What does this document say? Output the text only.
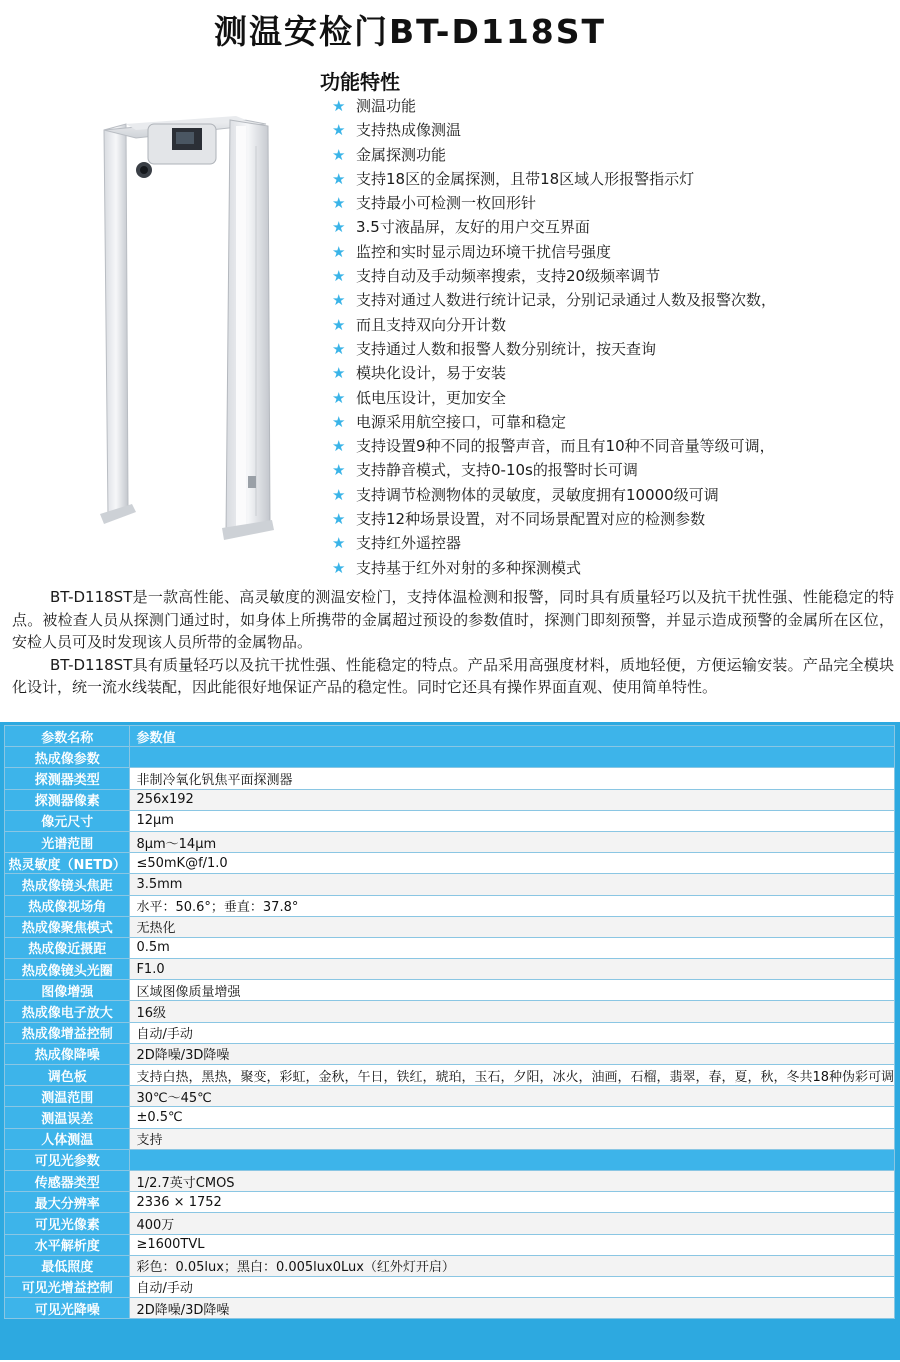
测温安检门BT-D118ST
功能特性
★ 测温功能
★ 支持热成像测温
★ 金属探测功能
★ 支持18区的金属探测，且带18区域人形报警指示灯
★ 支持最小可检测一枚回形针
★ 3.5寸液晶屏，友好的用户交互界面
★ 监控和实时显示周边环境干扰信号强度
★ 支持自动及手动频率搜索，支持20级频率调节
★ 支持对通过人数进行统计记录，分别记录通过人数及报警次数，
★ 而且支持双向分开计数
★ 支持通过人数和报警人数分别统计，按天查询
★ 模块化设计，易于安装
★ 低电压设计，更加安全
★ 电源采用航空接口，可靠和稳定
★ 支持设置9种不同的报警声音，而且有10种不同音量等级可调，
★ 支持静音模式，支持0-10s的报警时长可调
★ 支持调节检测物体的灵敏度，灵敏度拥有10000级可调
★ 支持12种场景设置，对不同场景配置对应的检测参数
★ 支持红外遥控器
★ 支持基于红外对射的多种探测模式

BT-D118ST是一款高性能、高灵敏度的测温安检门，支持体温检测和报警，同时具有质量轻巧以及抗干扰性强、性能稳定的特点。被检查人员从探测门通过时，如身体上所携带的金属超过预设的参数值时，探测门即刻预警，并显示造成预警的金属所在区位，安检人员可及时发现该人员所带的金属物品。

BT-D118ST具有质量轻巧以及抗干扰性强、性能稳定的特点。产品采用高强度材料，质地轻便，方便运输安装。产品完全模块化设计，统一流水线装配，因此能很好地保证产品的稳定性。同时它还具有操作界面直观、使用简单特性。

参数名称	参数值
热成像参数	
探测器类型	非制冷氧化钒焦平面探测器
探测器像素	256x192
像元尺寸	12μm
光谱范围	8μm～14μm
热灵敏度（NETD）	≤50mK@f/1.0
热成像镜头焦距	3.5mm
热成像视场角	水平：50.6°；垂直：37.8°
热成像聚焦模式	无热化
热成像近摄距	0.5m
热成像镜头光圈	F1.0
图像增强	区域图像质量增强
热成像电子放大	16级
热成像增益控制	自动/手动
热成像降噪	2D降噪/3D降噪
调色板	支持白热，黑热，聚变，彩虹，金秋，午日，铁红，琥珀，玉石，夕阳，冰火，油画，石榴，翡翠，春，夏，秋，冬共18种伪彩可调
测温范围	30℃～45℃
测温误差	±0.5℃
人体测温	支持
可见光参数	
传感器类型	1/2.7英寸CMOS
最大分辨率	2336 × 1752
可见光像素	400万
水平解析度	≥1600TVL
最低照度	彩色：0.05lux；黑白：0.005lux0Lux（红外灯开启）
可见光增益控制	自动/手动
可见光降噪	2D降噪/3D降噪
